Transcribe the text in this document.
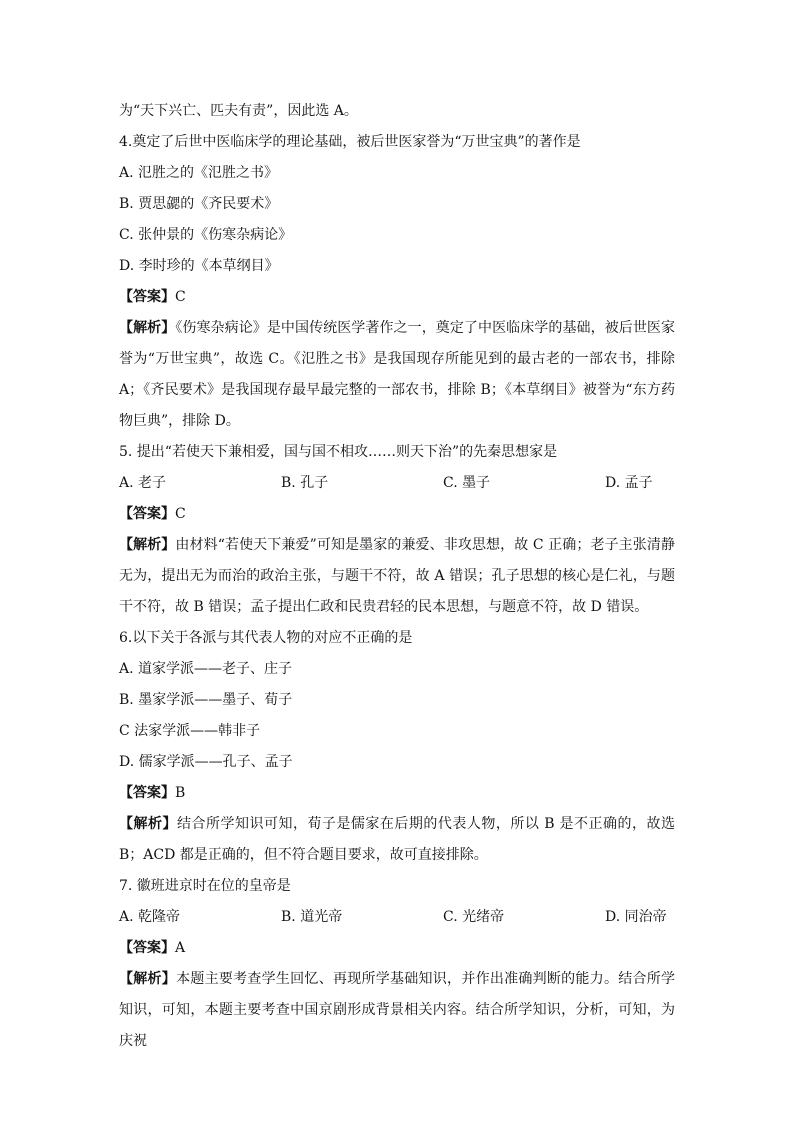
为“天下兴亡、匹夫有责”，因此选 A。
4.奠定了后世中医临床学的理论基础，被后世医家誉为“万世宝典”的著作是
A. 氾胜之的《氾胜之书》
B. 贾思勰的《齐民要术》
C. 张仲景的《伤寒杂病论》
D. 李时珍的《本草纲目》
【答案】C
【解析】《伤寒杂病论》是中国传统医学著作之一，奠定了中医临床学的基础，被后世医家誉为“万世宝典”，故选 C。《氾胜之书》是我国现存所能见到的最古老的一部农书，排除 A；《齐民要术》是我国现存最早最完整的一部农书，排除 B；《本草纲目》被誉为“东方药物巨典”，排除 D。
5. 提出“若使天下兼相爱，国与国不相攻……则天下治”的先秦思想家是
A. 老子	B. 孔子	C. 墨子	D. 孟子
【答案】C
【解析】由材料“若使天下兼爱”可知是墨家的兼爱、非攻思想，故 C 正确；老子主张清静无为，提出无为而治的政治主张，与题干不符，故 A 错误；孔子思想的核心是仁礼，与题干不符，故 B 错误；孟子提出仁政和民贵君轻的民本思想，与题意不符，故 D 错误。
6.以下关于各派与其代表人物的对应不正确的是
A. 道家学派——老子、庄子
B. 墨家学派——墨子、荀子
C 法家学派——韩非子
D. 儒家学派——孔子、孟子
【答案】B
【解析】结合所学知识可知，荀子是儒家在后期的代表人物，所以 B 是不正确的，故选 B；ACD 都是正确的，但不符合题目要求，故可直接排除。
7. 徽班进京时在位的皇帝是
A. 乾隆帝	B. 道光帝	C. 光绪帝	D. 同治帝
【答案】A
【解析】本题主要考查学生回忆、再现所学基础知识，并作出准确判断的能力。结合所学知识，可知，本题主要考查中国京剧形成背景相关内容。结合所学知识，分析，可知，为庆祝
